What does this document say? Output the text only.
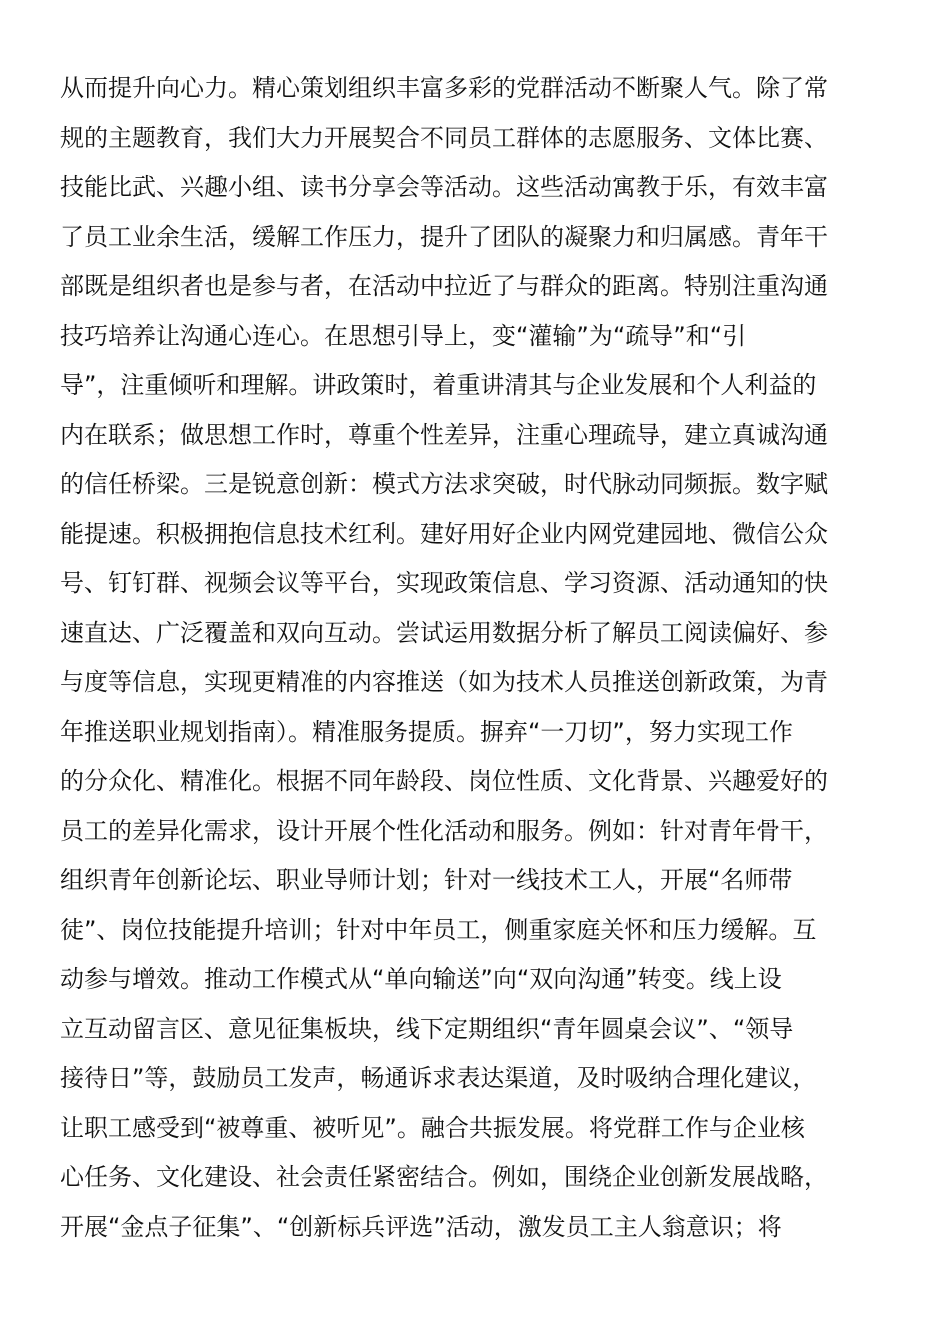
从而提升向心力。精心策划组织丰富多彩的党群活动不断聚人气。除了常
规的主题教育，我们大力开展契合不同员工群体的志愿服务、文体比赛、
技能比武、兴趣小组、读书分享会等活动。这些活动寓教于乐，有效丰富
了员工业余生活，缓解工作压力，提升了团队的凝聚力和归属感。青年干
部既是组织者也是参与者，在活动中拉近了与群众的距离。特别注重沟通
技巧培养让沟通心连心。在思想引导上，变“灌输”为“疏导”和“引
导”，注重倾听和理解。讲政策时，着重讲清其与企业发展和个人利益的
内在联系；做思想工作时，尊重个性差异，注重心理疏导，建立真诚沟通
的信任桥梁。三是锐意创新：模式方法求突破，时代脉动同频振。数字赋
能提速。积极拥抱信息技术红利。建好用好企业内网党建园地、微信公众
号、钉钉群、视频会议等平台，实现政策信息、学习资源、活动通知的快
速直达、广泛覆盖和双向互动。尝试运用数据分析了解员工阅读偏好、参
与度等信息，实现更精准的内容推送（如为技术人员推送创新政策，为青
年推送职业规划指南）。精准服务提质。摒弃“一刀切”，努力实现工作
的分众化、精准化。根据不同年龄段、岗位性质、文化背景、兴趣爱好的
员工的差异化需求，设计开展个性化活动和服务。例如：针对青年骨干，
组织青年创新论坛、职业导师计划；针对一线技术工人，开展“名师带
徒”、岗位技能提升培训；针对中年员工，侧重家庭关怀和压力缓解。互
动参与增效。推动工作模式从“单向输送”向“双向沟通”转变。线上设
立互动留言区、意见征集板块，线下定期组织“青年圆桌会议”、“领导
接待日”等，鼓励员工发声，畅通诉求表达渠道，及时吸纳合理化建议，
让职工感受到“被尊重、被听见”。融合共振发展。将党群工作与企业核
心任务、文化建设、社会责任紧密结合。例如，围绕企业创新发展战略，
开展“金点子征集”、“创新标兵评选”活动，激发员工主人翁意识；将
